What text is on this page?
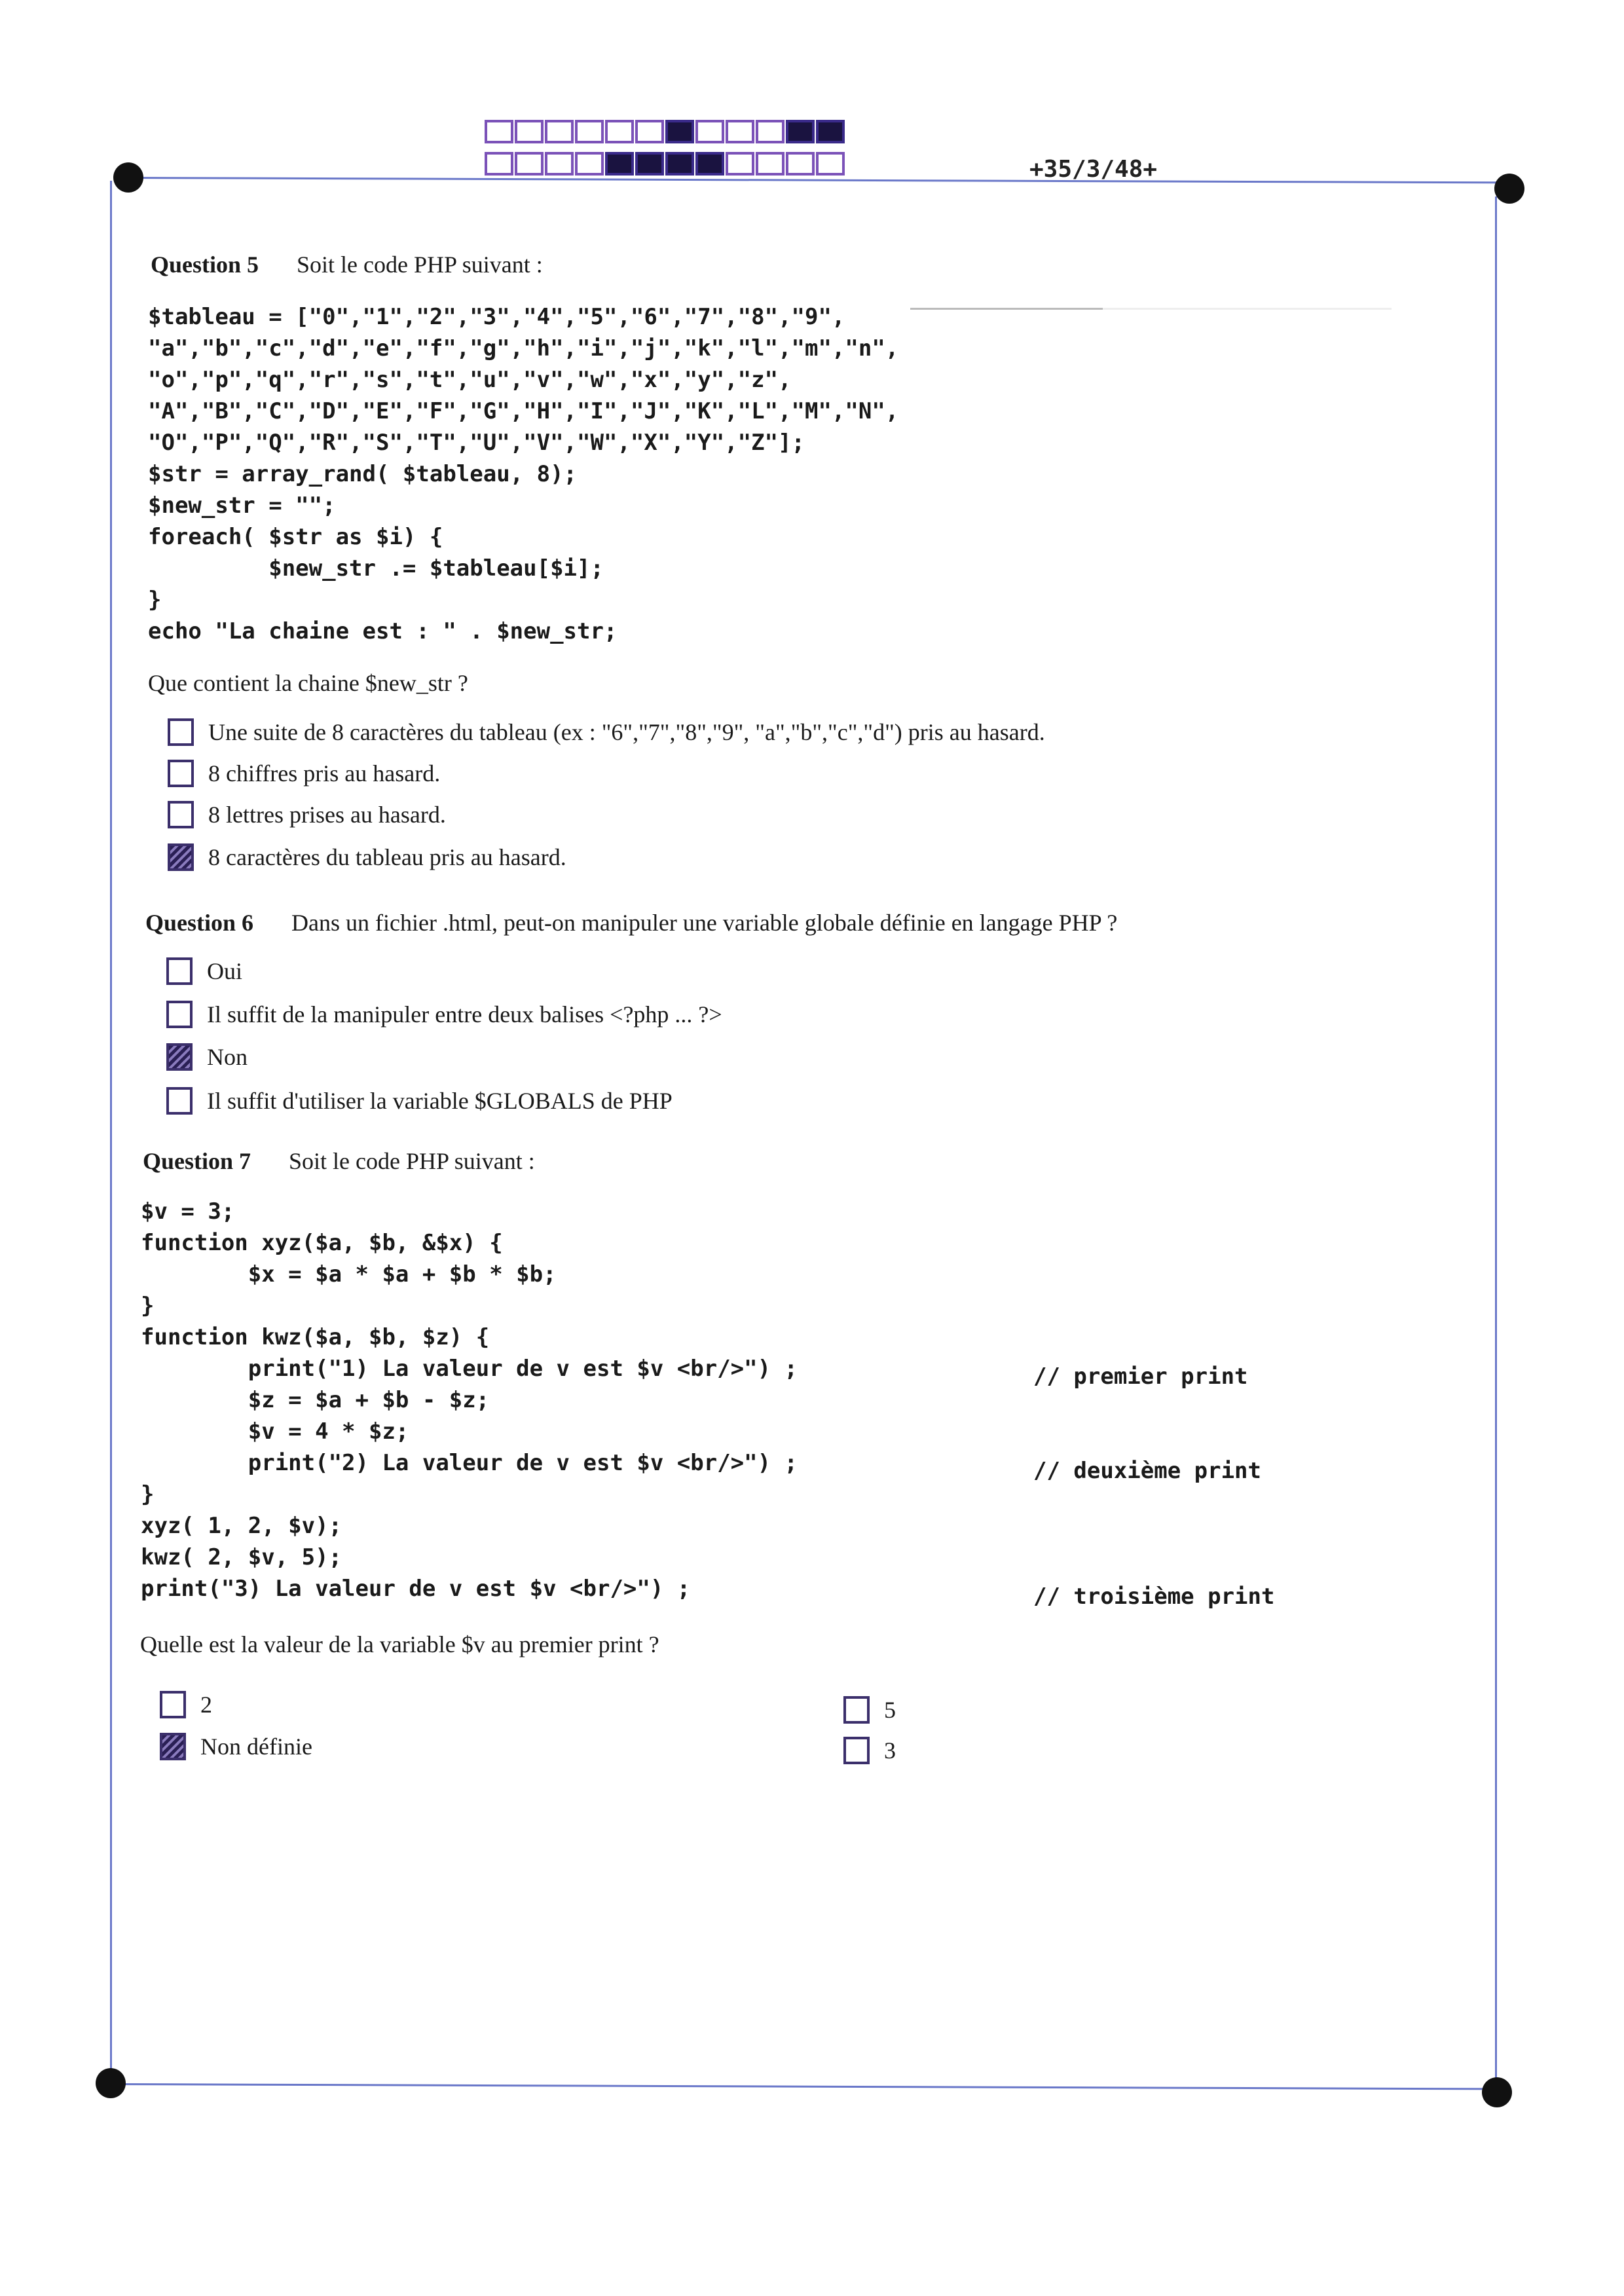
+35/3/48+
Question 5 Soit le code PHP suivant :
$tableau = ["0","1","2","3","4","5","6","7","8","9",
"a","b","c","d","e","f","g","h","i","j","k","l","m","n",
"o","p","q","r","s","t","u","v","w","x","y","z",
"A","B","C","D","E","F","G","H","I","J","K","L","M","N",
"O","P","Q","R","S","T","U","V","W","X","Y","Z"];
$str = array_rand( $tableau, 8);
$new_str = "";
foreach( $str as $i) {
$new_str .= $tableau[$i];
}
echo "La chaine est : " . $new_str;
Que contient la chaine $new_str ?
Une suite de 8 caractères du tableau (ex : "6","7","8","9", "a","b","c","d") pris au hasard.
8 chiffres pris au hasard.
8 lettres prises au hasard.
8 caractères du tableau pris au hasard.
Question 6 Dans un fichier .html, peut-on manipuler une variable globale définie en langage PHP ?
Oui
Il suffit de la manipuler entre deux balises <?php ... ?>
Non
Il suffit d'utiliser la variable $GLOBALS de PHP
Question 7 Soit le code PHP suivant :
$v = 3;
function xyz($a, $b, &$x) {
$x = $a * $a + $b * $b;
}
function kwz($a, $b, $z) {
print("1) La valeur de v est $v <br/>") ;
$z = $a + $b - $z;
$v = 4 * $z;
print("2) La valeur de v est $v <br/>") ;
}
xyz( 1, 2, $v);
kwz( 2, $v, 5);
print("3) La valeur de v est $v <br/>") ;
// premier print
// deuxième print
// troisième print
Quelle est la valeur de la variable $v au premier print ?
2
Non définie
5
3
